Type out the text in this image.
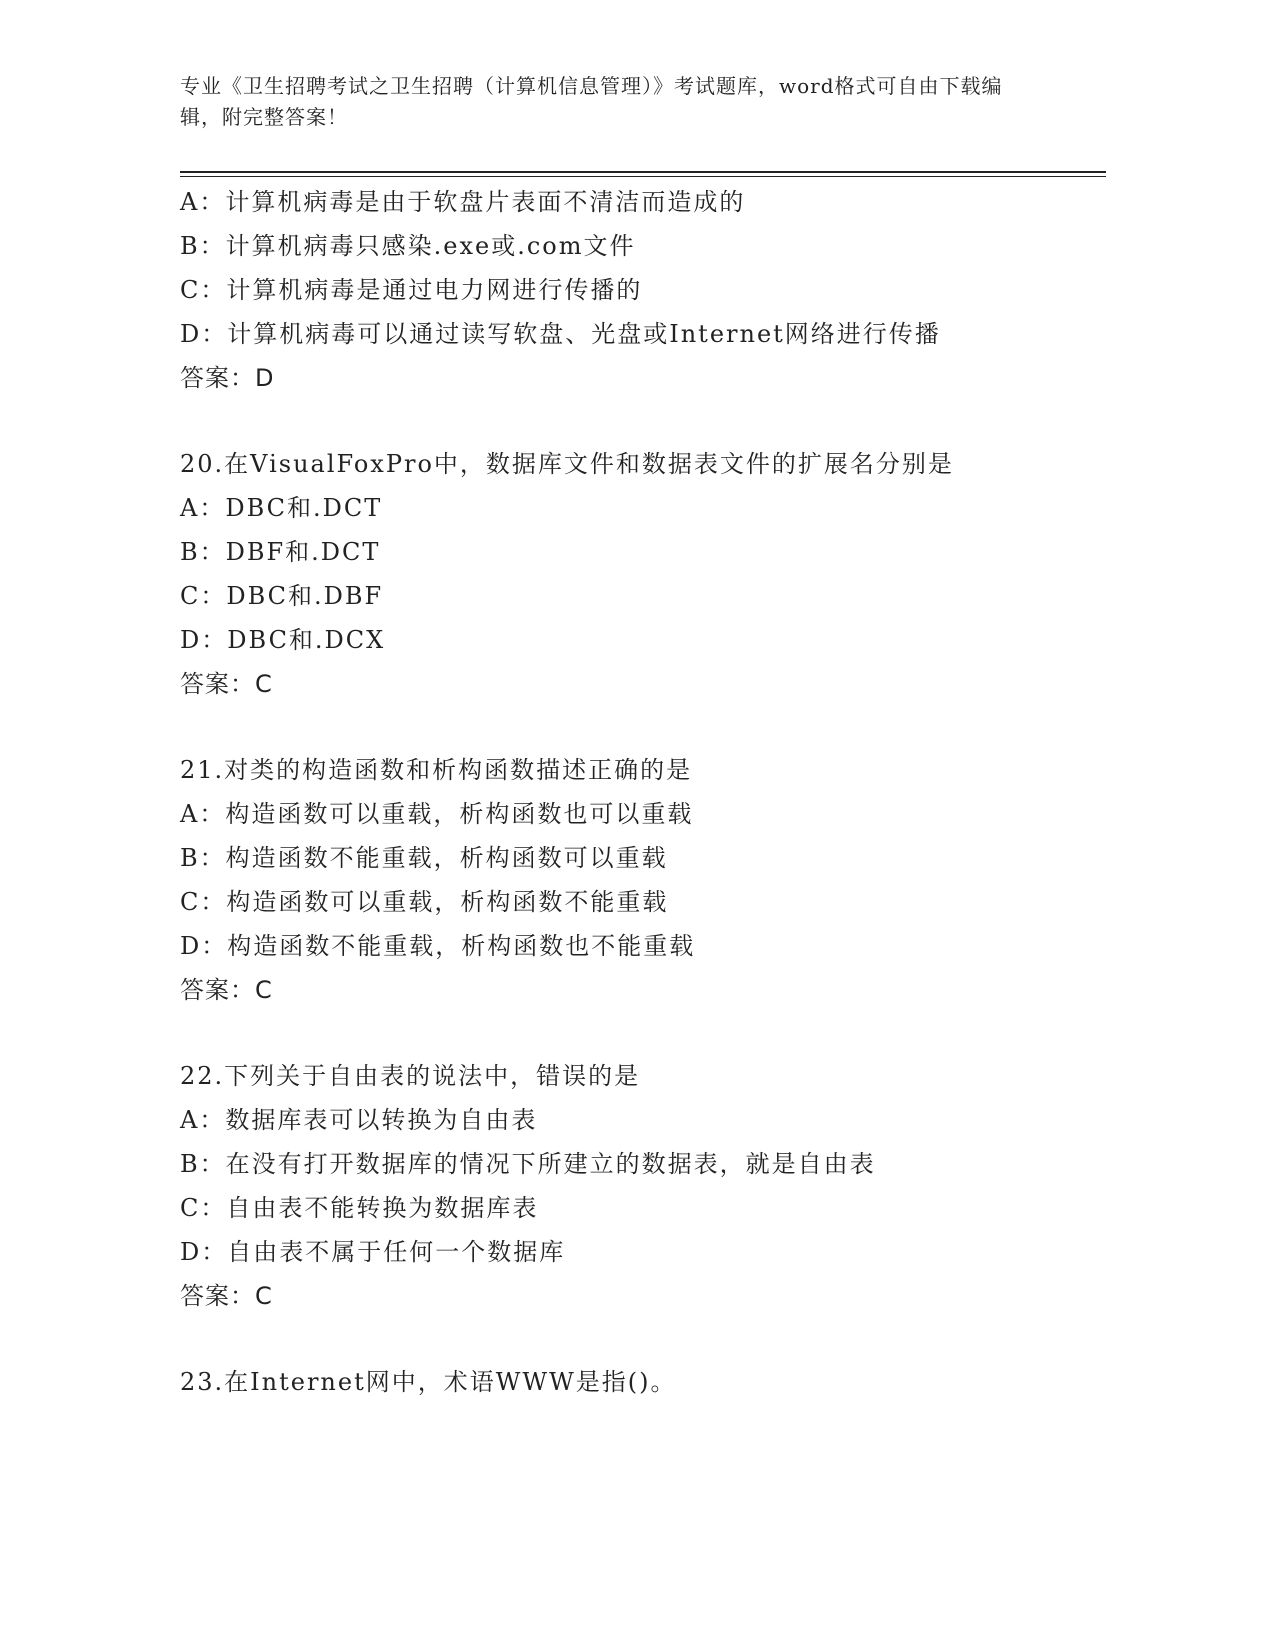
专业《卫生招聘考试之卫生招聘（计算机信息管理）》考试题库，word格式可自由下载编辑，附完整答案！
A：计算机病毒是由于软盘片表面不清洁而造成的
B：计算机病毒只感染.exe或.com文件
C：计算机病毒是通过电力网进行传播的
D：计算机病毒可以通过读写软盘、光盘或Internet网络进行传播
答案：D
20.在VisualFoxPro中，数据库文件和数据表文件的扩展名分别是
A：DBC和.DCT
B：DBF和.DCT
C：DBC和.DBF
D：DBC和.DCX
答案：C
21.对类的构造函数和析构函数描述正确的是
A：构造函数可以重载，析构函数也可以重载
B：构造函数不能重载，析构函数可以重载
C：构造函数可以重载，析构函数不能重载
D：构造函数不能重载，析构函数也不能重载
答案：C
22.下列关于自由表的说法中，错误的是
A：数据库表可以转换为自由表
B：在没有打开数据库的情况下所建立的数据表，就是自由表
C：自由表不能转换为数据库表
D：自由表不属于任何一个数据库
答案：C
23.在Internet网中，术语WWW是指()。
